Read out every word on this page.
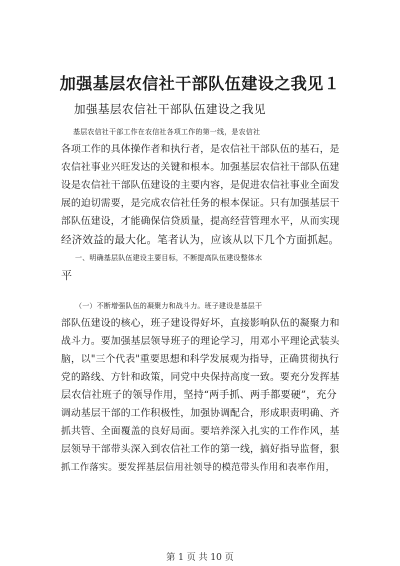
加强基层农信社干部队伍建设之我见１
加强基层农信社干部队伍建设之我见
基层农信社干部工作在农信社各项工作的第一线，是农信社
各项工作的具体操作者和执行者，是农信社干部队伍的基石，是
农信社事业兴旺发达的关键和根本。加强基层农信社干部队伍建
设是农信社干部队伍建设的主要内容，是促进农信社事业全面发
展的迫切需要，是完成农信社任务的根本保证。只有加强基层干
部队伍建设，才能确保信贷质量，提高经营管理水平，从而实现
经济效益的最大化。笔者认为，应该从以下几个方面抓起。
一、明确基层队伍建设主要目标，不断提高队伍建设整体水
平
（一）不断增强队伍的凝聚力和战斗力。班子建设是基层干
部队伍建设的核心，班子建设得好坏，直接影响队伍的凝聚力和
战斗力。要加强基层领导班子的理论学习，用邓小平理论武装头
脑，以"三个代表"重要思想和科学发展观为指导，正确贯彻执行
党的路线、方针和政策，同党中央保持高度一致。要充分发挥基
层农信社班子的领导作用，坚持“两手抓、两手都要硬”，充分
调动基层干部的工作积极性，加强协调配合，形成职责明确、齐
抓共管、全面覆盖的良好局面。要培养深入扎实的工作作风，基
层领导干部带头深入到农信社工作的第一线，搞好指导监督，狠
抓工作落实。要发挥基层信用社领导的模范带头作用和表率作用，
第 1 页 共 10 页
